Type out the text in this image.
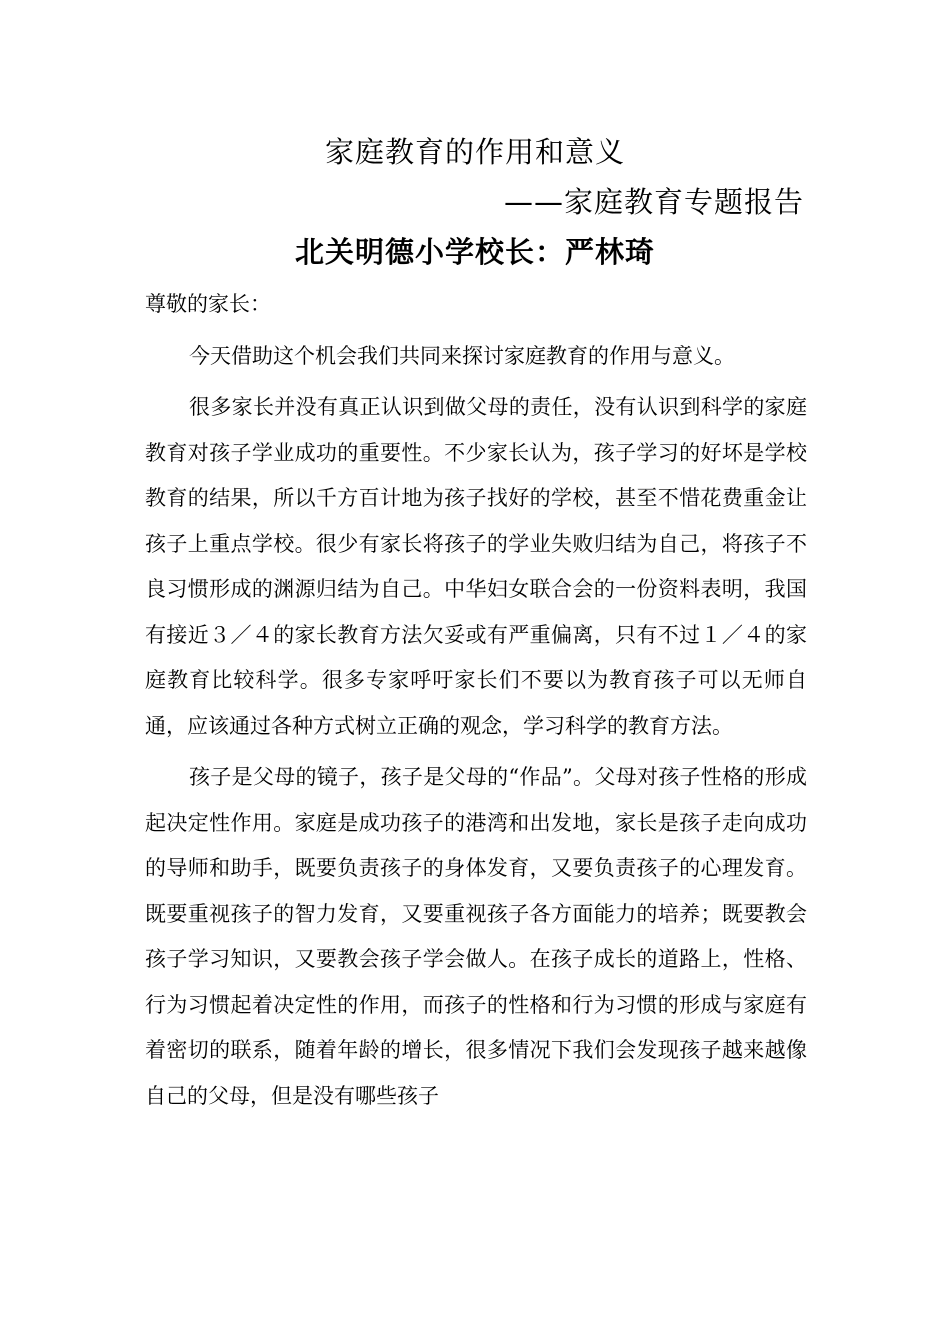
家庭教育的作用和意义
——家庭教育专题报告
北关明德小学校长：严林琦

尊敬的家长：

今天借助这个机会我们共同来探讨家庭教育的作用与意义。

很多家长并没有真正认识到做父母的责任，没有认识到科学的家庭教育对孩子学业成功的重要性。不少家长认为，孩子学习的好坏是学校教育的结果，所以千方百计地为孩子找好的学校，甚至不惜花费重金让孩子上重点学校。很少有家长将孩子的学业失败归结为自己，将孩子不良习惯形成的渊源归结为自己。中华妇女联合会的一份资料表明，我国有接近３／４的家长教育方法欠妥或有严重偏离，只有不过１／４的家庭教育比较科学。很多专家呼吁家长们不要以为教育孩子可以无师自通，应该通过各种方式树立正确的观念，学习科学的教育方法。

孩子是父母的镜子，孩子是父母的“作品”。父母对孩子性格的形成起决定性作用。家庭是成功孩子的港湾和出发地，家长是孩子走向成功的导师和助手，既要负责孩子的身体发育，又要负责孩子的心理发育。既要重视孩子的智力发育，又要重视孩子各方面能力的培养；既要教会孩子学习知识，又要教会孩子学会做人。在孩子成长的道路上，性格、行为习惯起着决定性的作用，而孩子的性格和行为习惯的形成与家庭有着密切的联系，随着年龄的增长，很多情况下我们会发现孩子越来越像自己的父母，但是没有哪些孩子
